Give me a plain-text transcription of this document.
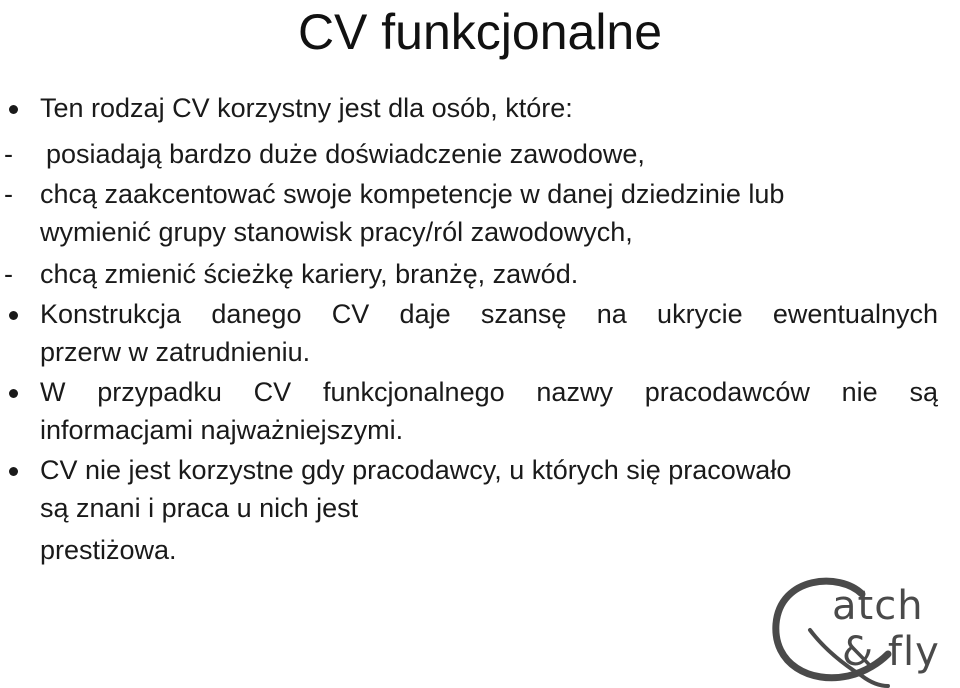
CV funkcjonalne
Ten rodzaj CV korzystny jest dla osób, które:
- posiadają bardzo duże doświadczenie zawodowe,
- chcą zaakcentować swoje kompetencje w danej dziedzinie lub
wymienić grupy stanowisk pracy/ról zawodowych,
- chcą zmienić ścieżkę kariery, branżę, zawód.
Konstrukcja danego CV daje szansę na ukrycie ewentualnych
przerw w zatrudnieniu.
W przypadku CV funkcjonalnego nazwy pracodawców nie są
informacjami najważniejszymi.
CV nie jest korzystne gdy pracodawcy, u których się pracowało
są znani i praca u nich jest
prestiżowa.
atch
& fly
